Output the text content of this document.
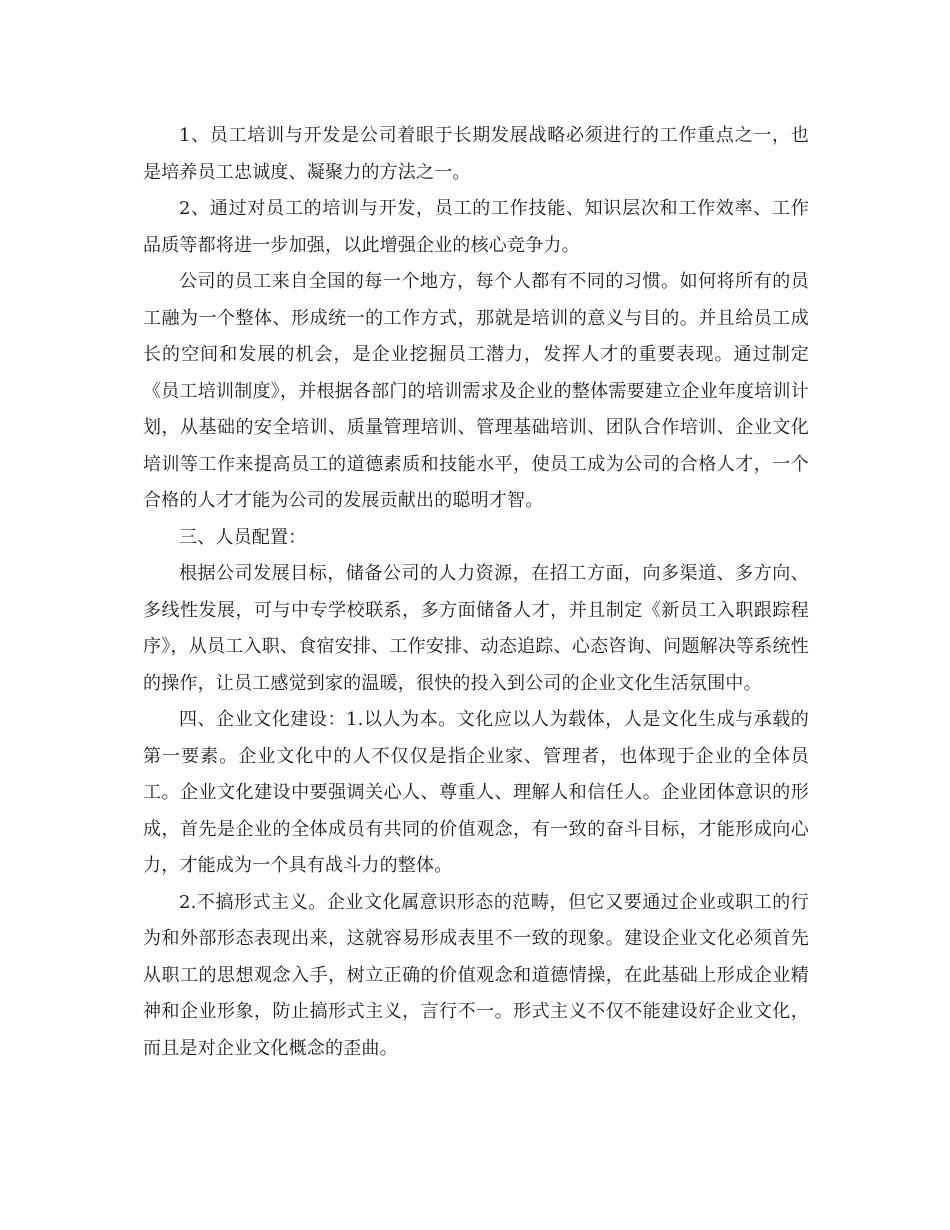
1、员工培训与开发是公司着眼于长期发展战略必须进行的工作重点之一，也是培养员工忠诚度、凝聚力的方法之一。

2、通过对员工的培训与开发，员工的工作技能、知识层次和工作效率、工作品质等都将进一步加强，以此增强企业的核心竞争力。

公司的员工来自全国的每一个地方，每个人都有不同的习惯。如何将所有的员工融为一个整体、形成统一的工作方式，那就是培训的意义与目的。并且给员工成长的空间和发展的机会，是企业挖掘员工潜力，发挥人才的重要表现。通过制定《员工培训制度》，并根据各部门的培训需求及企业的整体需要建立企业年度培训计划，从基础的安全培训、质量管理培训、管理基础培训、团队合作培训、企业文化培训等工作来提高员工的道德素质和技能水平，使员工成为公司的合格人才，一个合格的人才才能为公司的发展贡献出的聪明才智。

三、人员配置：

根据公司发展目标，储备公司的人力资源，在招工方面，向多渠道、多方向、多线性发展，可与中专学校联系，多方面储备人才，并且制定《新员工入职跟踪程序》，从员工入职、食宿安排、工作安排、动态追踪、心态咨询、问题解决等系统性的操作，让员工感觉到家的温暖，很快的投入到公司的企业文化生活氛围中。

四、企业文化建设：1.以人为本。文化应以人为载体，人是文化生成与承载的第一要素。企业文化中的人不仅仅是指企业家、管理者，也体现于企业的全体员工。企业文化建设中要强调关心人、尊重人、理解人和信任人。企业团体意识的形成，首先是企业的全体成员有共同的价值观念，有一致的奋斗目标，才能形成向心力，才能成为一个具有战斗力的整体。

2.不搞形式主义。企业文化属意识形态的范畴，但它又要通过企业或职工的行为和外部形态表现出来，这就容易形成表里不一致的现象。建设企业文化必须首先从职工的思想观念入手，树立正确的价值观念和道德情操，在此基础上形成企业精神和企业形象，防止搞形式主义，言行不一。形式主义不仅不能建设好企业文化，而且是对企业文化概念的歪曲。
